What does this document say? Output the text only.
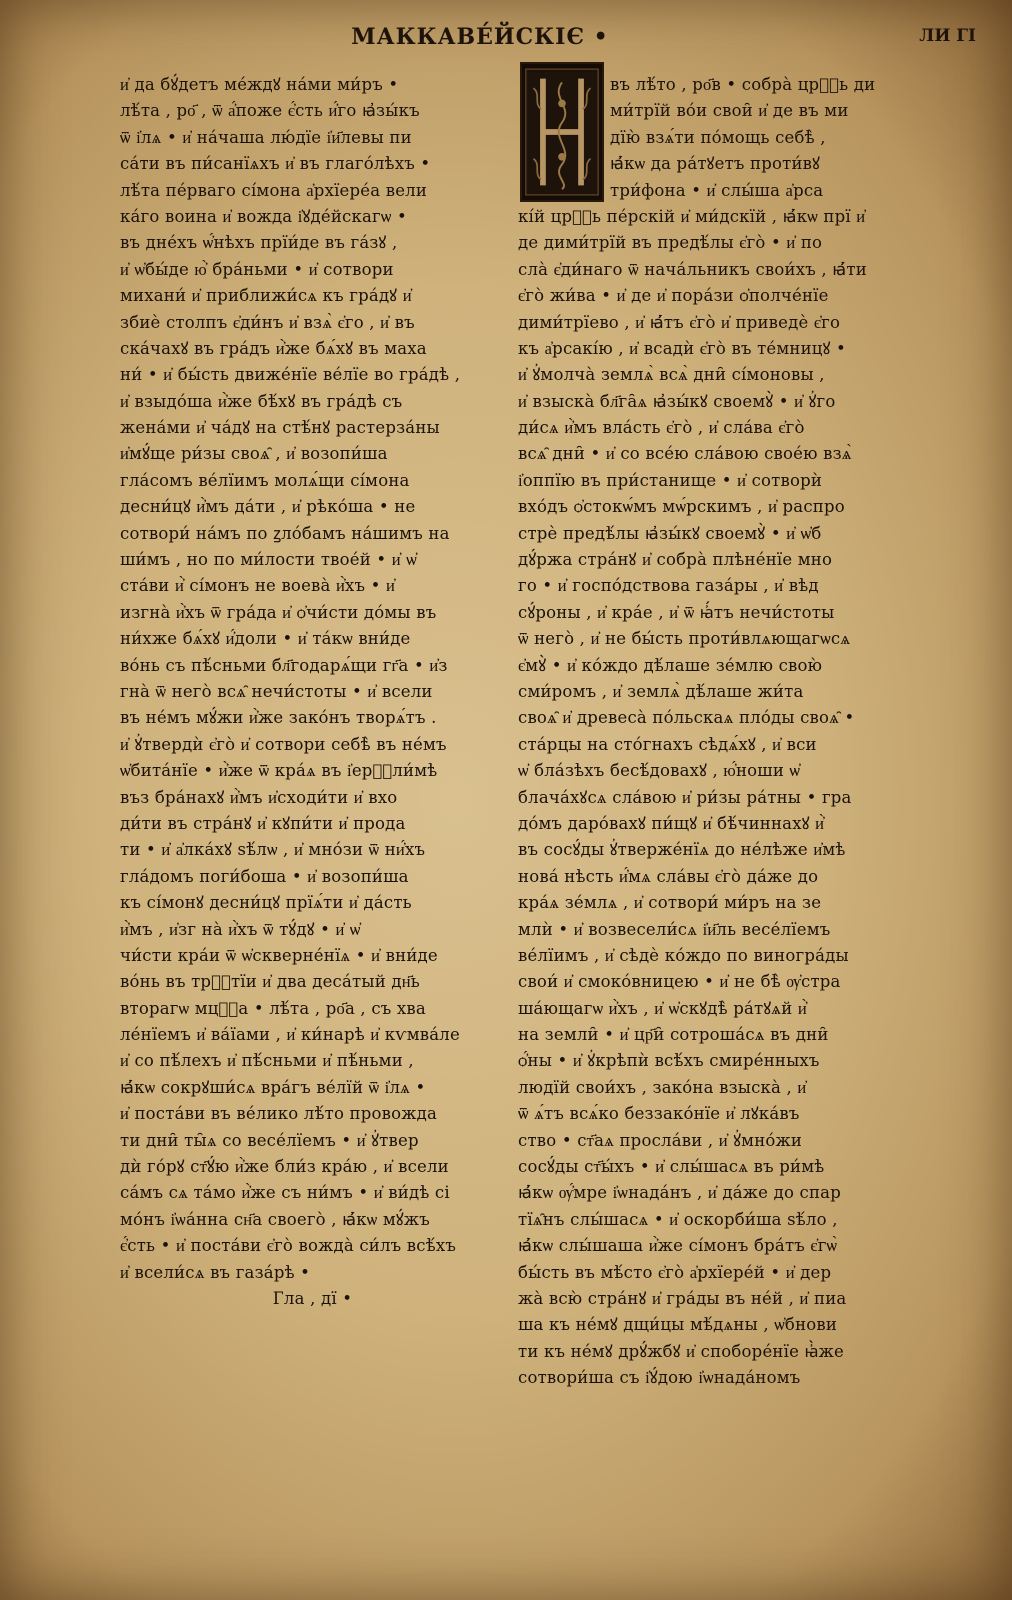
МАККАВЕ́ЙСКІЄ •	ЛИ ГІ
и҆ да бꙋ́детъ ме́ждꙋ на́ми ми́ръ •
лѣ́та , ро҃ , ѿ а҆́поже є҆́сть и҆́го ꙗ҆зы́къ
ѿ і҆лѧ • и҆ на́чаша лю́дїе і҆и҃левы пи
са́ти въ пи́санїѧхъ и҆ въ глаго́лѣхъ •
лѣ́та пе́рваго сі́мона а҆рхїере́а вели
ка́го воина и҆ вожда і҆ꙋде́йскагѡ •
въ дне́хъ ѡ҆́нѣхъ прїи́де въ га́зꙋ ,
и҆ ѡ҆бы́де ю҆̀ бра́ньми • и҆ сотвори
михани́ и҆ приближи́сѧ къ гра́дꙋ и҆
збиѐ столпъ є҆ди́нъ и҆ взѧ̀ є҆го , и҆ въ
ска́чахꙋ въ гра́дъ и҆̀же бѧ́хꙋ въ маха
ни́ • и҆ бы́сть движе́нїе ве́лїе во гра́дѣ ,
и҆ взыдо́ша и҆̀же бѣ́хꙋ въ гра́дѣ съ
жена́ми и҆ ча́дꙋ на стѣ́нꙋ растерза́ны
и҆мꙋ́ще ри́зы своѧ̑ , и҆ возопи́ша
гла́сомъ ве́лїимъ молѧ́щи сі́мона
десни́цꙋ и҆̀мъ да́ти , и҆ рѣко́ша • не
сотвори́ на́мъ по ꙁло́бамъ на́шимъ на
ши́мъ , но по ми́лости твое́й • и҆ ѡ҆
ста́ви и҆̀ сі́монъ не воева̀ и҆̀хъ • и҆
изгна̀ и҆̀хъ ѿ гра́да и҆ ѻ҆чи́сти до́мы въ
ни́хже бѧ́хꙋ и҆́доли • и҆ та́кѡ вни́де
во́нь съ пѣ́сньми бл҃годарѧ́щи гг҃а • и҆з
гна̀ ѿ него̀ всѧ̑ нечи́стоты • и҆ всели
въ не́мъ мꙋ́жи и҆̀же зако́нъ творѧ́тъ .
и҆ ꙋ҆твердѝ є҆го̀ и҆ сотвори себѣ̀ въ не́мъ
ѡ҆бита́нїе • и҆̀же ѿ кра́ѧ въ і҆ерⷭ҇ли́мѣ
въз бра́нахꙋ и҆̀мъ и҆сходи́ти и҆ вхо
ди́ти въ стра́нꙋ и҆ кꙋпи́ти и҆ прода
ти • и҆ а҆лка́хꙋ ѕѣ́лѡ , и҆ мно́зи ѿ ни҆́хъ
гла́домъ поги́боша • и҆ возопи́ша
къ сі́монꙋ десни́цꙋ прїѧ́ти и҆ да́сть
и҆̀мъ , и҆зг на̀ и҆̀хъ ѿ тꙋ́дꙋ • и҆ ѡ҆
чи́сти кра́и ѿ ѡ҆скверне́нїѧ • и҆ вни́де
во́нь въ трⷭ҇тїи и҆ два деса́тый дн҃ь
вторагѡ мцⷭ҇а • лѣ́та , ро҃а , съ хва
ле́нїемъ и҆ ва́їами , и҆ ки́нарѣ и҆ кѵмва́ле
и҆ со пѣ́лехъ и҆ пѣ́сньми и҆ пѣ́ньми ,
ꙗ҆́кѡ сокрꙋши́сѧ вра́гъ ве́лїй ѿ і҆лѧ •
и҆ поста́ви въ ве́лико лѣ́то провожда
ти дни̑ ты̑ѧ со весе́лїемъ • и҆ ꙋ҆твер
дѝ го́рꙋ ст҃ꙋ́ю и҆̀же бли́з кра́ю , и҆ всели
са́мъ сѧ та́мо и҆̀же съ ни́мъ • и҆ ви́дѣ сі
мо́нъ і҆ѡа́нна сн҃а своего̀ , ꙗ҆́кѡ мꙋ́жъ
є҆́сть • и҆ поста́ви є҆го̀ вожда̀ си́лъ всѣ́хъ
и҆ всели́сѧ въ газа́рѣ •
Гла , дї •
въ лѣ́то , ро҃в • собра̀ црⷭ҇ь ди
ми́трїй во́и свои̑ и҆ де въ ми
дїю̀ взѧ́ти по́мощь себѣ̀ ,
ꙗ҆́кѡ да ра́тꙋетъ проти́вꙋ
три́фона • и҆ слы́ша а҆рса
кі́й црⷭ҇ь пе́рскій и҆ ми́дскїй , ꙗ҆́кѡ прї и҆
де дими́трїй въ предѣ́лы є҆го̀ • и҆ по
сла̀ є҆ди́наго ѿ нача́льникъ свои́хъ , ꙗ҆́ти
є҆го̀ жи́ва • и҆ де и҆ пора́зи ѻ҆полче́нїе
дими́трїево , и҆ ꙗ҆́тъ є҆го̀ и҆ приведѐ є҆го
къ а҆рсакі́ю , и҆ всадѝ є҆го̀ въ те́мницꙋ •
и҆ ꙋ҆молча̀ землѧ̀ всѧ̀ дни̑ сі́моновы ,
и҆ взыска̀ бл҃га̑ѧ ꙗ҆зы́кꙋ своемꙋ̀ • и҆ ꙋ҆го
ди́сѧ и҆̀мъ вла́сть є҆го̀ , и҆ сла́ва є҆го̀
всѧ̑ дни̑ • и҆ со все́ю сла́вою свое́ю взѧ̀
і҆оппїю въ при́станище • и҆ сотворѝ
вхо́дъ ѻ҆стокѡ́мъ мѡ́рскимъ , и҆ распро
стрѐ предѣ́лы ꙗ҆зы́кꙋ своемꙋ̀ • и҆ ѡ҆б
дꙋ́ржа стра́нꙋ и҆ собра̀ плѣне́нїе мно
го • и҆ госпо́дствова газа́ры , и҆ вѣд
сꙋ́роны , и҆ кра́е , и҆ ѿ ꙗ҆́тъ нечи́стоты
ѿ него̀ , и҆ не бы́сть проти́влѧющагѡсѧ
є҆мꙋ̀ • и҆ ко́ждо дѣ́лаше зе́млю свою̀
сми́ромъ , и҆ землѧ̀ дѣ́лаше жи́та
своѧ̑ и҆ древеса̀ по́льскаѧ пло́ды своѧ̑ •
ста́рцы на сто́гнахъ сѣдѧ́хꙋ , и҆ вси
ѡ҆ бла́зѣхъ бесѣ́довахꙋ , ю҆́ноши ѡ҆
блача́хꙋсѧ сла́вою и҆ ри́зы ра́тны • гра
до́мъ даро́вахꙋ пи́щꙋ и҆ бѣ́чиннахꙋ и҆̀
въ сосꙋ́ды ꙋ҆тверже́нїѧ до не́лѣже и҆мѣ
нова́ нѣсть и҆́мѧ сла́вы є҆го̀ да́же до
кра́ѧ зе́млѧ , и҆ сотвори́ ми́ръ на зе
млѝ • и҆ возвесели́сѧ і҆и҃ль весе́лїемъ
ве́лїимъ , и҆ сѣдѐ ко́ждо по виногра́ды
свои́ и҆ смоко́вницею • и҆ не бѣ̀ ѹ҆стра
ша́ющагѡ и҆̀хъ , и҆ ѡ҆скꙋдѣ̀ ра́тꙋѧй и҆̀
на земли̑ • и҆ цр҃и̑ сотроша́сѧ въ дни̑
ѻ҆́ны • и҆ ꙋ҆крѣпѝ всѣ́хъ смире́нныхъ
людїй свои́хъ , зако́на взыска̀ , и҆
ѿ ѧ́тъ всѧ́ко беззако́нїе и҆ лꙋка́въ
ство • ст҃аѧ просла́ви , и҆ ꙋ҆мно́жи
сосꙋ́ды ст҃ы́хъ • и҆ слы́шасѧ въ ри́мѣ
ꙗ҆́кѡ ѹ҆́мре і҆ѡнада́нъ , и҆ да́же до спар
тїѧ̑нъ слы́шасѧ • и҆ оскорби́ша ѕѣ́ло ,
ꙗ҆́кѡ слы́шаша и҆̀же сі́монъ бра́тъ є҆гѡ̀
бы́сть въ мѣ́сто є҆го̀ а҆рхїере́й • и҆ дер
жа̀ всю̀ стра́нꙋ и҆ гра́ды въ не́й , и҆ пиа
ша къ не́мꙋ дщи́цы мѣ́дѧны , ѡ҆бнови
ти къ не́мꙋ дрꙋ́жбꙋ и҆ споборе́нїе ꙗ҆̀же
сотвори́ша съ і҆ꙋ́дою і҆ѡнада́номъ
